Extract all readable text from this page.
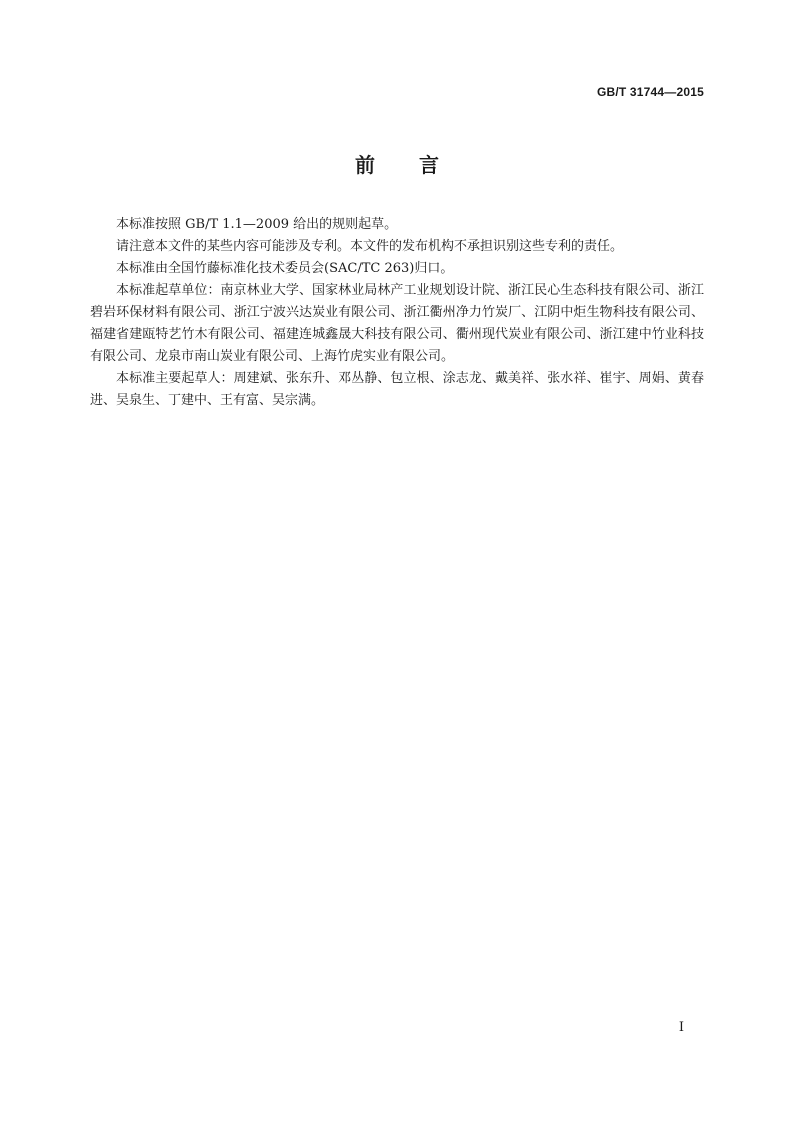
GB/T 31744—2015
前言

本标准按照 GB/T 1.1—2009 给出的规则起草。

请注意本文件的某些内容可能涉及专利。本文件的发布机构不承担识别这些专利的责任。

本标准由全国竹藤标准化技术委员会(SAC/TC 263)归口。

本标准起草单位：南京林业大学、国家林业局林产工业规划设计院、浙江民心生态科技有限公司、浙江碧岩环保材料有限公司、浙江宁波兴达炭业有限公司、浙江衢州净力竹炭厂、江阴中炬生物科技有限公司、福建省建瓯特艺竹木有限公司、福建连城鑫晟大科技有限公司、衢州现代炭业有限公司、浙江建中竹业科技有限公司、龙泉市南山炭业有限公司、上海竹虎实业有限公司。

本标准主要起草人：周建斌、张东升、邓丛静、包立根、涂志龙、戴美祥、张水祥、崔宇、周娟、黄春进、吴泉生、丁建中、王有富、吴宗满。

I
